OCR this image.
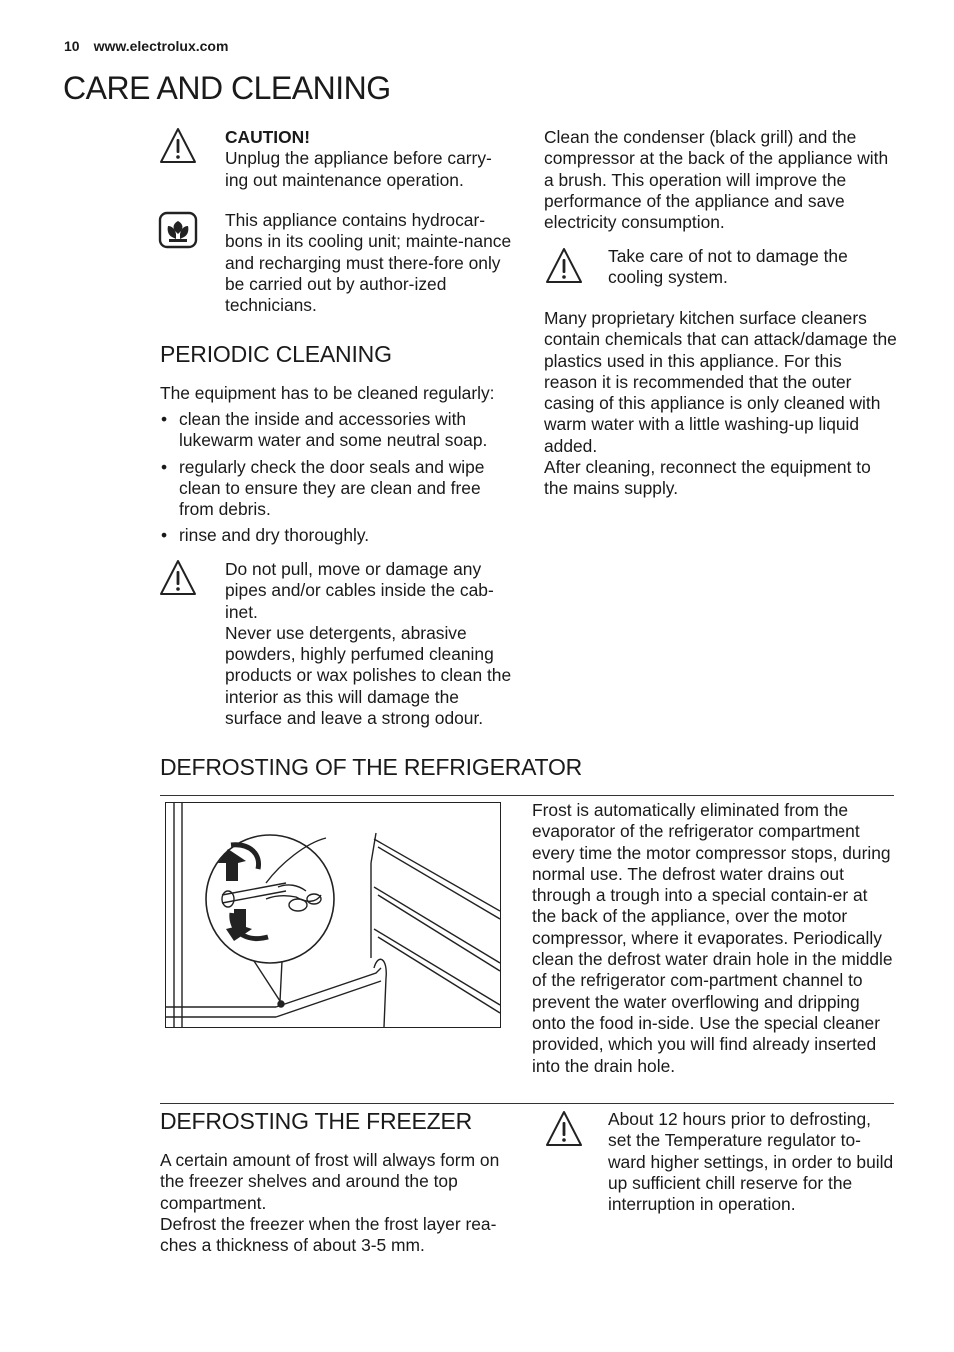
10 www.electrolux.com
CARE AND CLEANING

CAUTION!

Unplug the appliance before carry-ing out maintenance operation.

This appliance contains hydrocar-bons in its cooling unit; mainte-nance and recharging must there-fore only be carried out by author-ized technicians.
PERIODIC CLEANING
The equipment has to be cleaned regularly:
• clean the inside and accessories with lukewarm water and some neutral soap.
• regularly check the door seals and wipe clean to ensure they are clean and free from debris.
• rinse and dry thoroughly.

Do not pull, move or damage any pipes and/or cables inside the cab-inet.

Never use detergents, abrasive powders, highly perfumed cleaning products or wax polishes to clean the interior as this will damage the surface and leave a strong odour.

Clean the condenser (black grill) and the compressor at the back of the appliance with a brush. This operation will improve the performance of the appliance and save electricity consumption.
Take care of not to damage the cooling system.

Many proprietary kitchen surface cleaners contain chemicals that can attack/damage the plastics used in this appliance. For this reason it is recommended that the outer casing of this appliance is only cleaned with warm water with a little washing-up liquid added.

After cleaning, reconnect the equipment to the mains supply.

DEFROSTING OF THE REFRIGERATOR
Frost is automatically eliminated from the evaporator of the refrigerator compartment every time the motor compressor stops, during normal use. The defrost water drains out through a trough into a special contain-er at the back of the appliance, over the motor compressor, where it evaporates. Periodically clean the defrost water drain hole in the middle of the refrigerator com-partment channel to prevent the water overflowing and dripping onto the food in-side. Use the special cleaner provided, which you will find already inserted into the drain hole.
DEFROSTING THE FREEZER

A certain amount of frost will always form on the freezer shelves and around the top compartment.

Defrost the freezer when the frost layer rea-ches a thickness of about 3-5 mm.

About 12 hours prior to defrosting, set the Temperature regulator to-ward higher settings, in order to build up sufficient chill reserve for the interruption in operation.
